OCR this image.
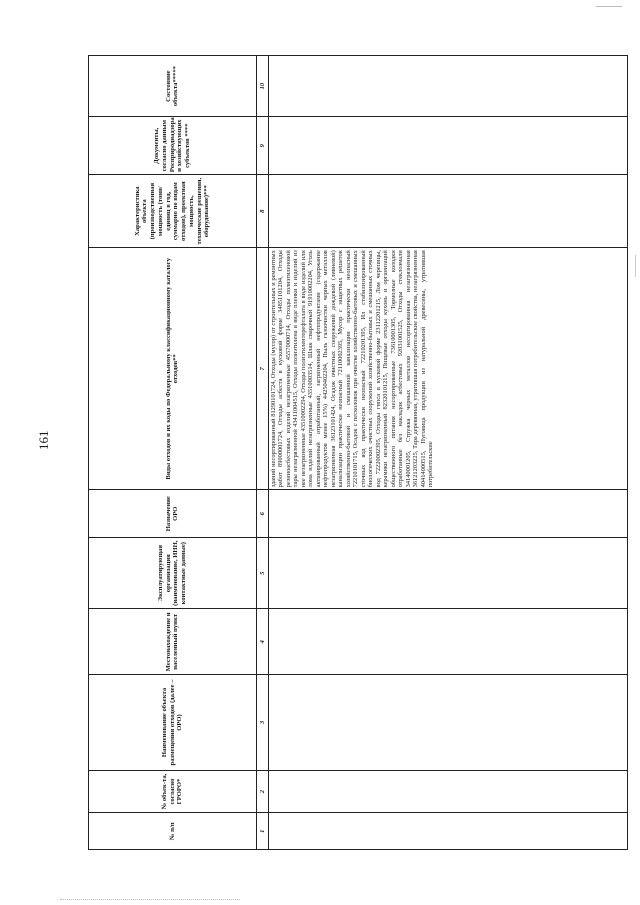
161
№ п/п	№ объек-та, согласно ГРОРО*	Наименование объекта размещения отходов (далее – ОРО)	Местонахождение и населенный пункт	Эксплуатирующая организация (наименование, ИНН, контактные данные)	Назначение ОРО	Виды отходов и их коды по Федеральному классификационному каталогу отходов**	Характеристика объекта (производственная мощность (тонн/единиц в год, суммарно по видам отходов), проектная мощность, технические решения, оборудование)***	Документы, согласно данным Росприроднадзора и хозяйствующих субъектов ****	Состояние объекта*****
1	2	3	4	5	6	7	8	9	10
						зданий несортированный 81290101724, Отходы (мусор) от строительных и ремонтных работ 89000001724, Отходы асбеста в кусковой форме 34851101204, Отходы резиноасбестовых изделий незагрязненные 45570000714, Отходы полиэтиленовой тары незагрязненной 43411004515, Отходы полиэтилена в виде пленки и изделий из нее незагрязненные 43510002294, Отходы полиэтилентерефталата в виде изделий или лома изделий незагрязненные 43510003514, Шлак сварочный 91910002204, Уголь активированный отработанный, загрязненный нефтепродуктами (содержание нефтепродуктов менее 15%) 44250402204, Пыль газоочистки черных металлов незагрязненная 36123101424, Осадок очистных сооружений дождевой (ливневой) канализации практически неопасный 72110002395, Мусор с защитных решеток хозяйственно-бытовой и смешанной канализации практически неопасный 72210101715, Осадок с песколовок при очистке хозяйственно-бытовых и смешанных сточных вод практически неопасный 72210201395, Ил стабилизированный биологических очистных сооружений хозяйственно-бытовых и смешанных сточных вод 72220002395, Отходы гипса в кусковой форме 23112201215, Лом черепицы, керамики незагрязненный 82320101215, Пищевые отходы кухонь и организаций общественного питания несортированные 73610001305, Тормозные колодки отработанные без накладок асбестовых 92031001525, Отходы стеклоэмали 34140001205, Стружка черных металлов несортированная незагрязненная 36121203225, Тара деревянная, утратившая потребительские свойства, незагрязненная 40414000515, Пуговица продукции из натуральной древесины, утратившая потребительские			
